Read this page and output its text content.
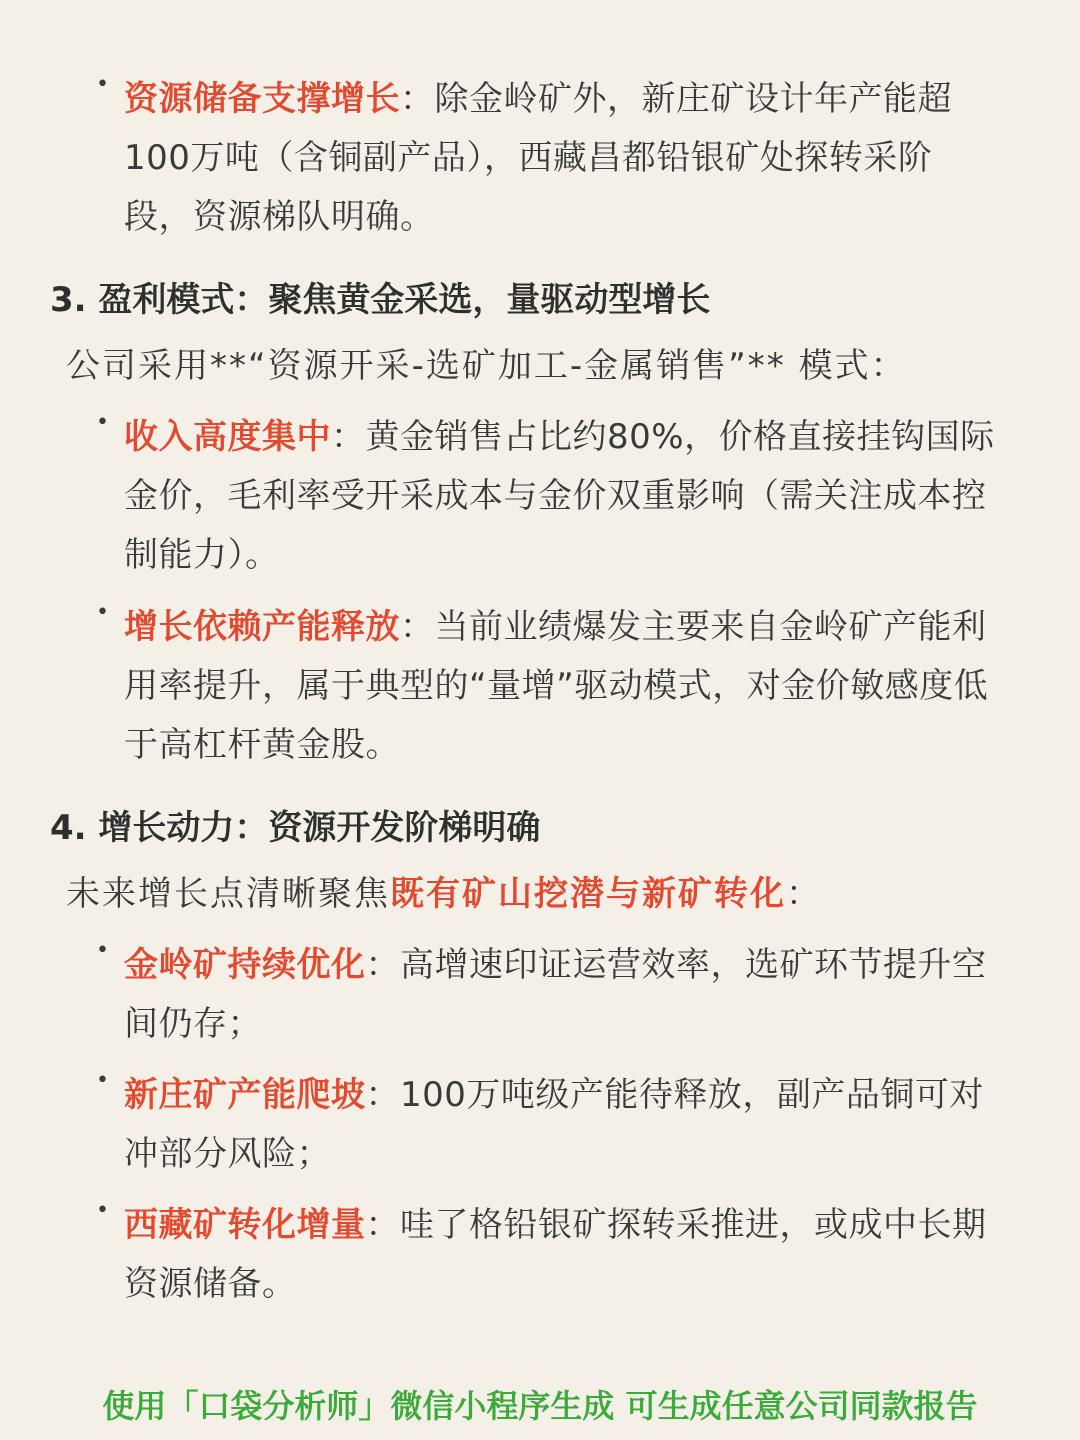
• 资源储备支撑增长：除金岭矿外，新庄矿设计年产能超100万吨（含铜副产品），西藏昌都铅银矿处探转采阶段，资源梯队明确。
3. 盈利模式：聚焦黄金采选，量驱动型增长
公司采用**“资源开采-选矿加工-金属销售”** 模式：
• 收入高度集中：黄金销售占比约80%，价格直接挂钩国际金价，毛利率受开采成本与金价双重影响（需关注成本控制能力）。
• 增长依赖产能释放：当前业绩爆发主要来自金岭矿产能利用率提升，属于典型的“量增”驱动模式，对金价敏感度低于高杠杆黄金股。
4. 增长动力：资源开发阶梯明确
未来增长点清晰聚焦既有矿山挖潜与新矿转化：
• 金岭矿持续优化：高增速印证运营效率，选矿环节提升空间仍存；
• 新庄矿产能爬坡：100万吨级产能待释放，副产品铜可对冲部分风险；
• 西藏矿转化增量：哇了格铅银矿探转采推进，或成中长期资源储备。
使用「口袋分析师」微信小程序生成 可生成任意公司同款报告
